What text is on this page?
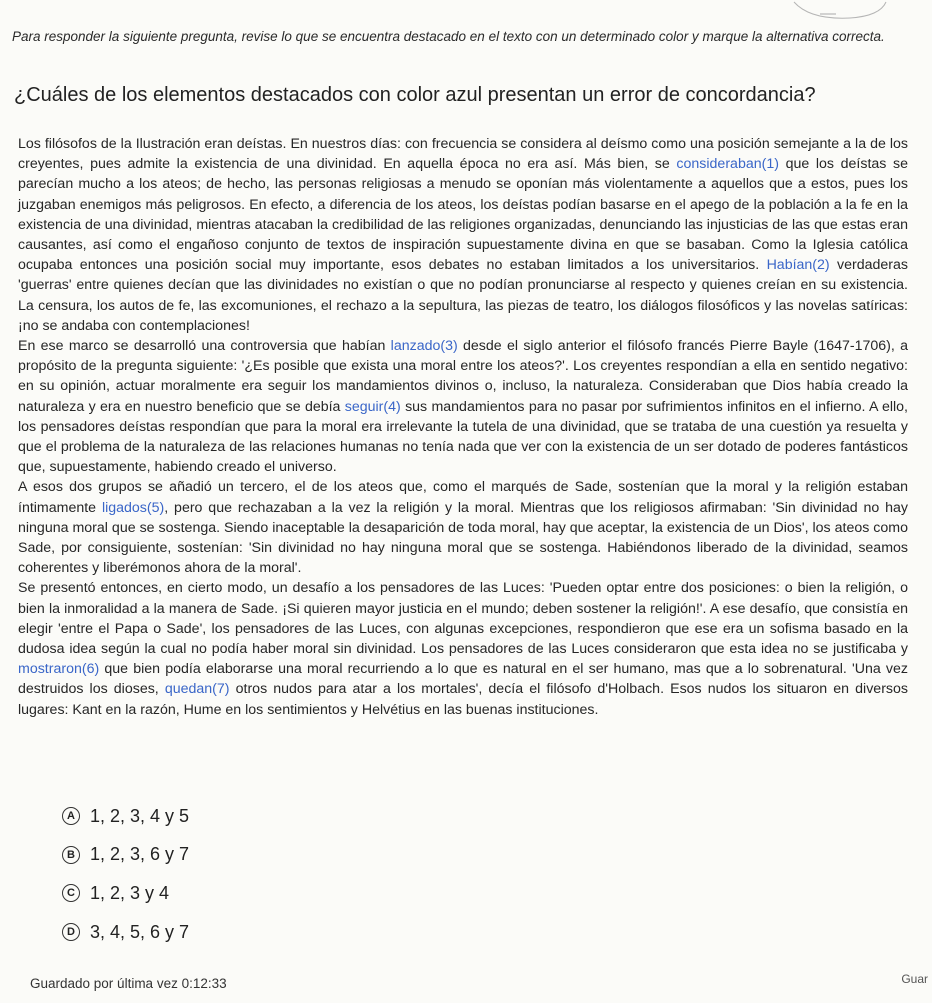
Para responder la siguiente pregunta, revise lo que se encuentra destacado en el texto con un determinado color y marque la alternativa correcta.
¿Cuáles de los elementos destacados con color azul presentan un error de concordancia?

Los filósofos de la Ilustración eran deístas. En nuestros días: con frecuencia se considera al deísmo como una posición semejante a la de los creyentes, pues admite la existencia de una divinidad. En aquella época no era así. Más bien, se consideraban(1) que los deístas se parecían mucho a los ateos; de hecho, las personas religiosas a menudo se oponían más violentamente a aquellos que a estos, pues los juzgaban enemigos más peligrosos. En efecto, a diferencia de los ateos, los deístas podían basarse en el apego de la población a la fe en la existencia de una divinidad, mientras atacaban la credibilidad de las religiones organizadas, denunciando las injusticias de las que estas eran causantes, así como el engañoso conjunto de textos de inspiración supuestamente divina en que se basaban. Como la Iglesia católica ocupaba entonces una posición social muy importante, esos debates no estaban limitados a los universitarios. Habían(2) verdaderas 'guerras' entre quienes decían que las divinidades no existían o que no podían pronunciarse al respecto y quienes creían en su existencia. La censura, los autos de fe, las excomuniones, el rechazo a la sepultura, las piezas de teatro, los diálogos filosóficos y las novelas satíricas: ¡no se andaba con contemplaciones!

En ese marco se desarrolló una controversia que habían lanzado(3) desde el siglo anterior el filósofo francés Pierre Bayle (1647-1706), a propósito de la pregunta siguiente: '¿Es posible que exista una moral entre los ateos?'. Los creyentes respondían a ella en sentido negativo: en su opinión, actuar moralmente era seguir los mandamientos divinos o, incluso, la naturaleza. Consideraban que Dios había creado la naturaleza y era en nuestro beneficio que se debía seguir(4) sus mandamientos para no pasar por sufrimientos infinitos en el infierno. A ello, los pensadores deístas respondían que para la moral era irrelevante la tutela de una divinidad, que se trataba de una cuestión ya resuelta y que el problema de la naturaleza de las relaciones humanas no tenía nada que ver con la existencia de un ser dotado de poderes fantásticos que, supuestamente, habiendo creado el universo.

A esos dos grupos se añadió un tercero, el de los ateos que, como el marqués de Sade, sostenían que la moral y la religión estaban íntimamente ligados(5), pero que rechazaban a la vez la religión y la moral. Mientras que los religiosos afirmaban: 'Sin divinidad no hay ninguna moral que se sostenga. Siendo inaceptable la desaparición de toda moral, hay que aceptar, la existencia de un Dios', los ateos como Sade, por consiguiente, sostenían: 'Sin divinidad no hay ninguna moral que se sostenga. Habiéndonos liberado de la divinidad, seamos coherentes y liberémonos ahora de la moral'.

Se presentó entonces, en cierto modo, un desafío a los pensadores de las Luces: 'Pueden optar entre dos posiciones: o bien la religión, o bien la inmoralidad a la manera de Sade. ¡Si quieren mayor justicia en el mundo; deben sostener la religión!'. A ese desafío, que consistía en elegir 'entre el Papa o Sade', los pensadores de las Luces, con algunas excepciones, respondieron que ese era un sofisma basado en la dudosa idea según la cual no podía haber moral sin divinidad. Los pensadores de las Luces consideraron que esta idea no se justificaba y mostraron(6) que bien podía elaborarse una moral recurriendo a lo que es natural en el ser humano, mas que a lo sobrenatural. 'Una vez destruidos los dioses, quedan(7) otros nudos para atar a los mortales', decía el filósofo d'Holbach. Esos nudos los situaron en diversos lugares: Kant en la razón, Hume en los sentimientos y Helvétius en las buenas instituciones.

A 1, 2, 3, 4 y 5
B 1, 2, 3, 6 y 7
C 1, 2, 3 y 4
D 3, 4, 5, 6 y 7
Guardado por última vez 0:12:33	Guar
